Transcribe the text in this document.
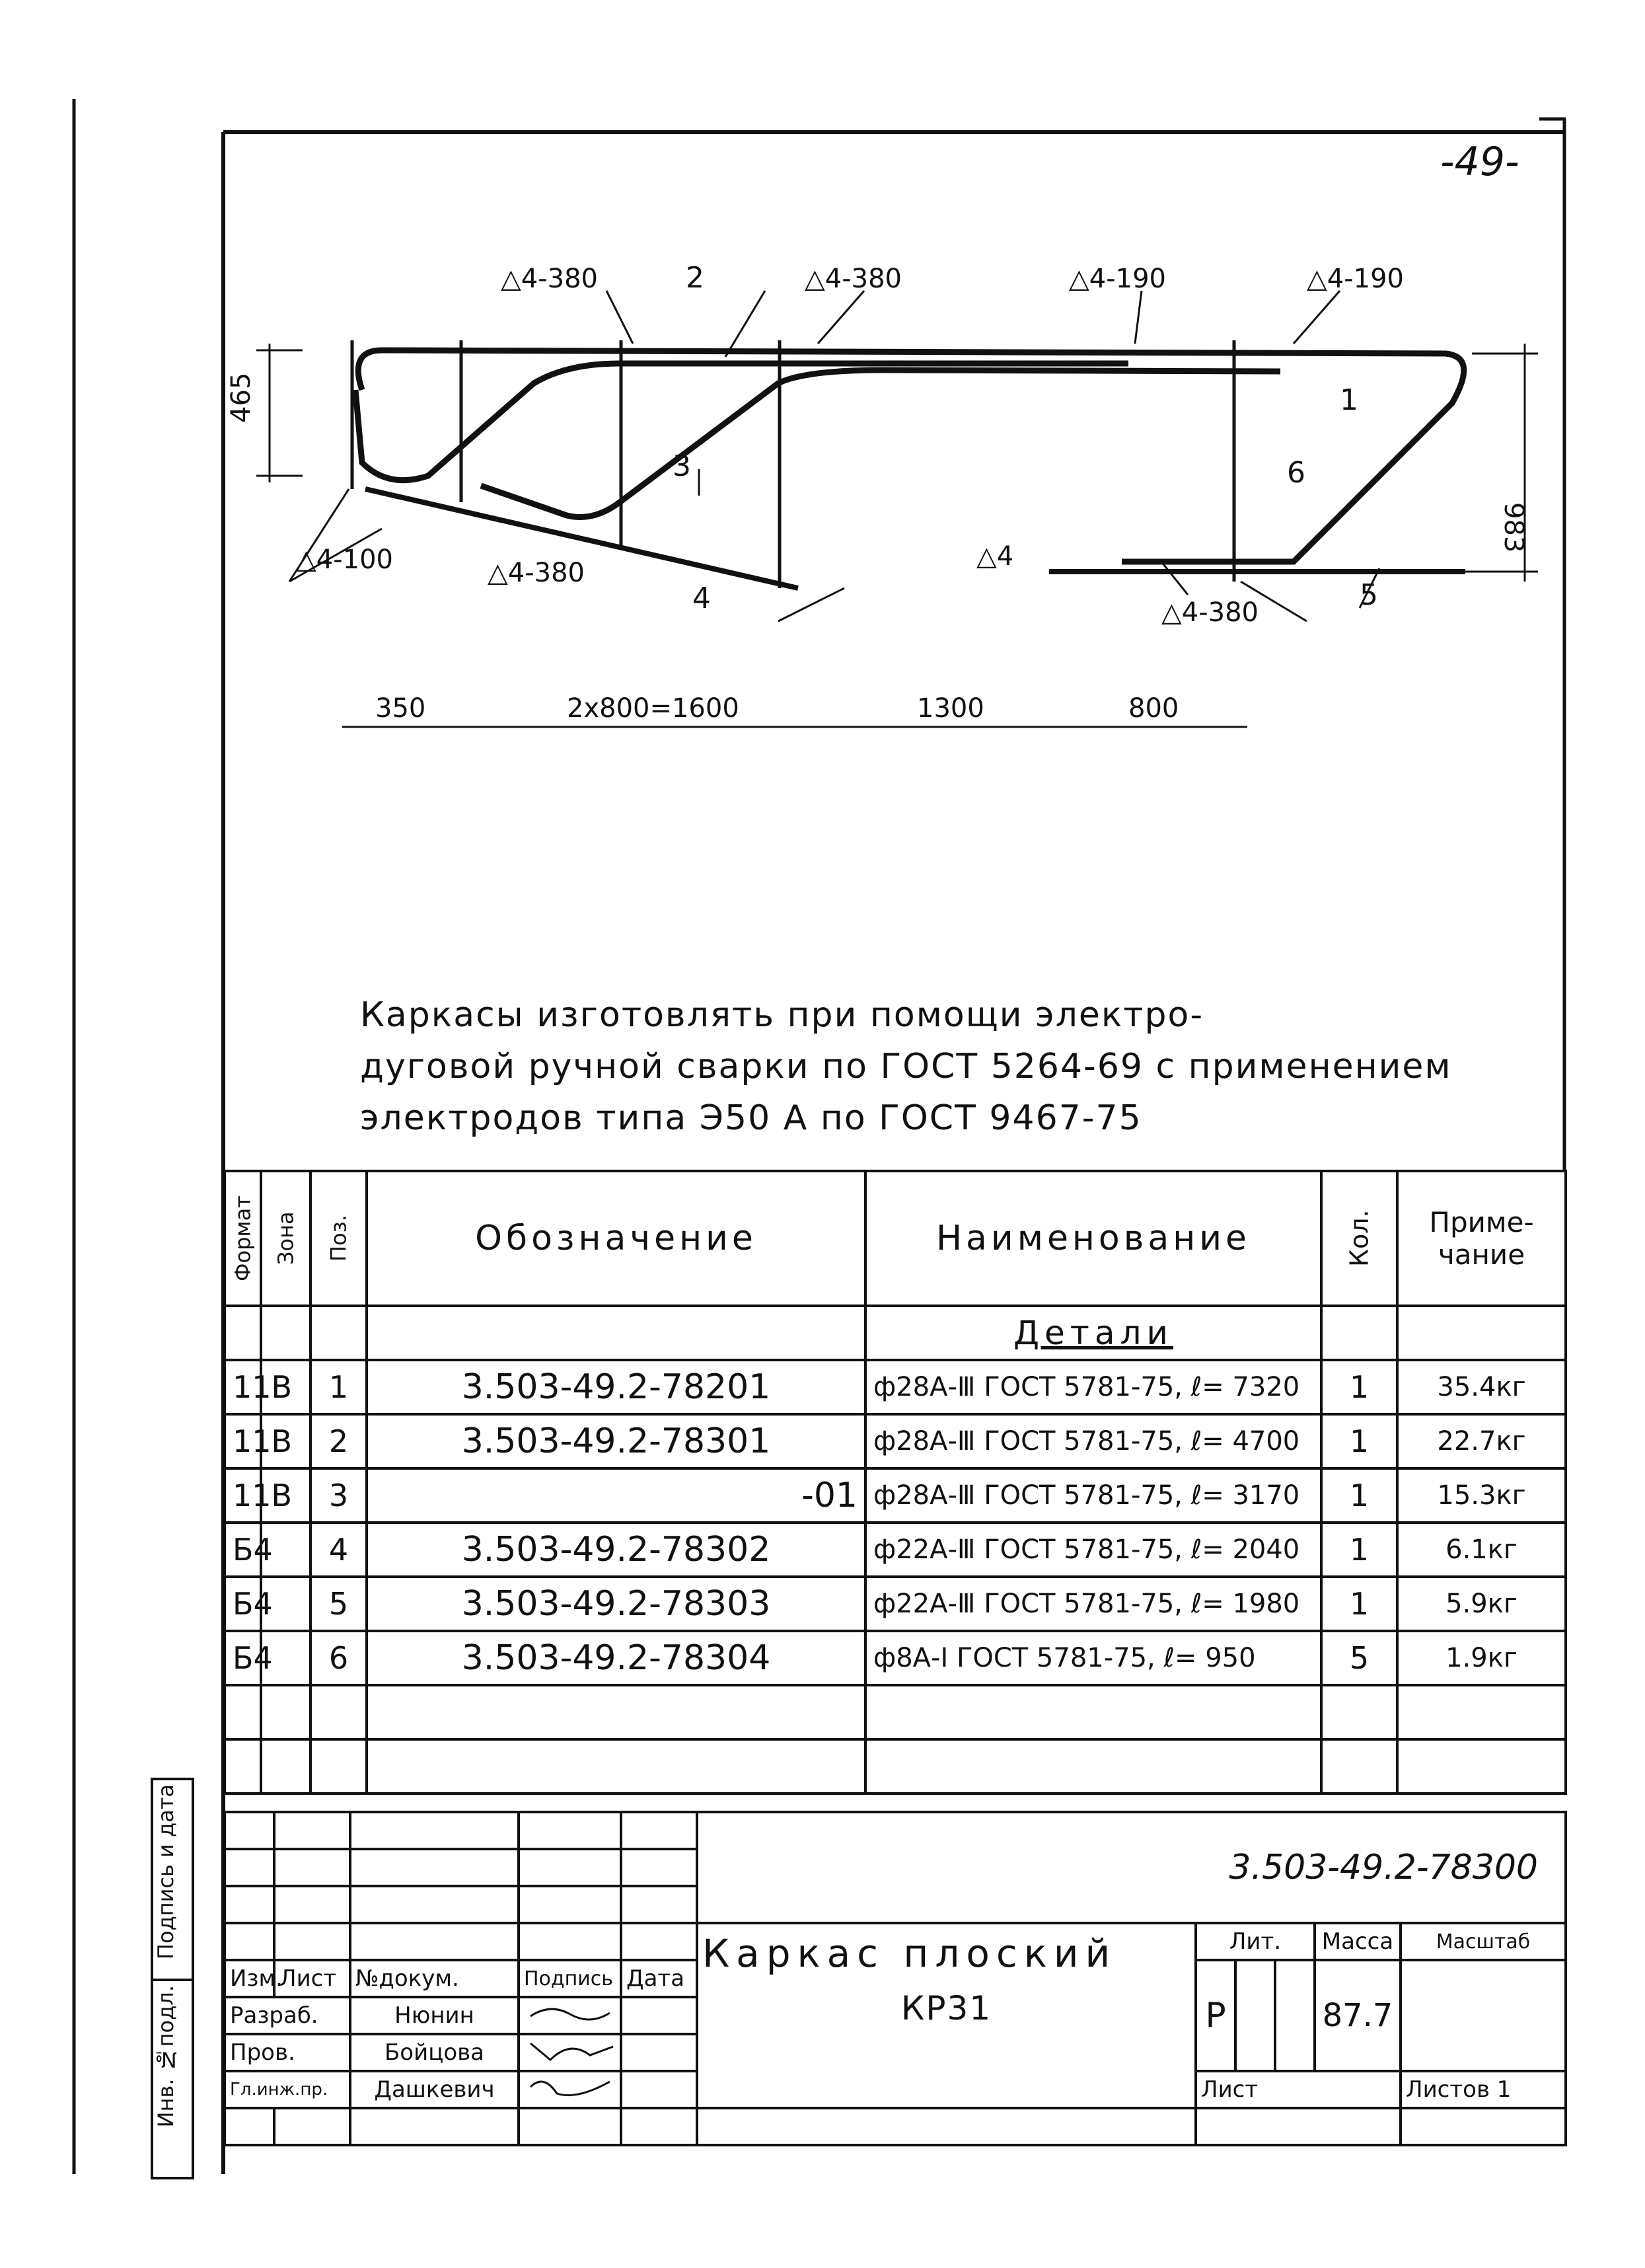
-49-
△4-380	△4-380	△4-190	△4-190
△4-100	△4-380
△4
△4-380
2
1
3	6
4	5
465
983
350	2x800=1600	1300	800
Каркасы изготовлять при помощи электро-
дуговой ручной сварки по ГОСТ 5264-69 с применением
электродов типа Э50 А по ГОСТ 9467-75
Формат	Зона	Поз.	Обозначение	Наименование	Кол.	Приме- чание
				Детали		
11В		1	3.503-49.2-78201	ф28А-Ⅲ ГОСТ 5781-75, ℓ= 7320	1	35.4кг
11В		2	3.503-49.2-78301	ф28А-Ⅲ ГОСТ 5781-75, ℓ= 4700	1	22.7кг
11В		3	-01	ф28А-Ⅲ ГОСТ 5781-75, ℓ= 3170	1	15.3кг
Б4		4	3.503-49.2-78302	ф22А-Ⅲ ГОСТ 5781-75, ℓ= 2040	1	6.1кг
Б4		5	3.503-49.2-78303	ф22А-Ⅲ ГОСТ 5781-75, ℓ= 1980	1	5.9кг
Б4		6	3.503-49.2-78304	ф8А-I ГОСТ 5781-75, ℓ= 950	5	1.9кг

					3.503-49.2-78300					

					Каркас плоский
КР31	Лит.			Масса	Масштаб
Изм.	Лист	№докум.	Подпись	Дата		Р			87.7	
Разраб.		Нюнин		
Пров.		Бойцова		
Гл.инж.пр.		Дашкевич				Лист				Листов 1

Подпись и дата
Инв. №подл.
